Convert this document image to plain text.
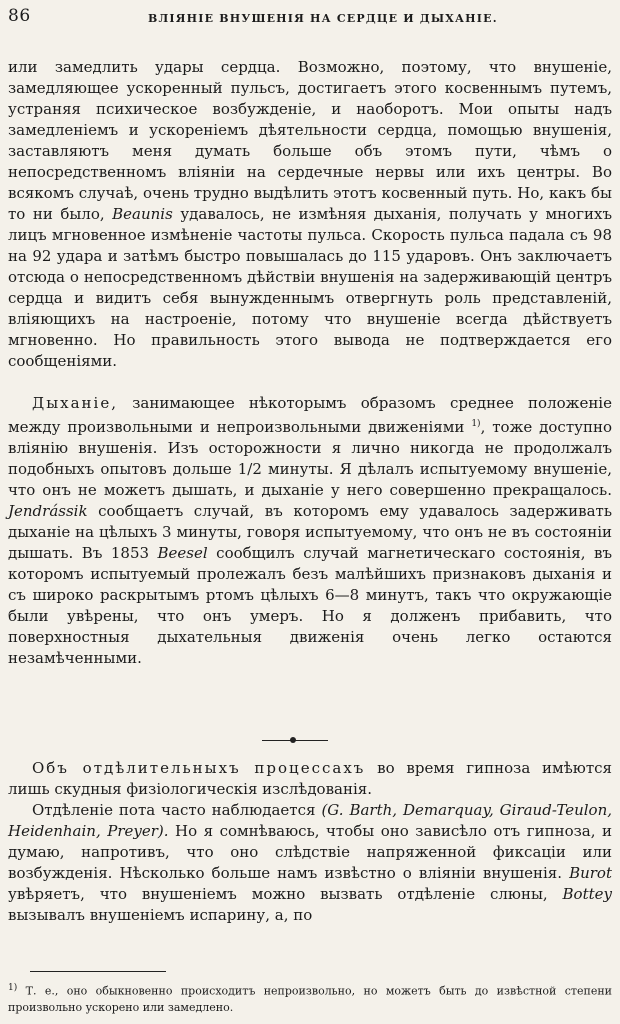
86	ВЛІЯНІЕ ВНУШЕНІЯ НА СЕРДЦЕ И ДЫХАНІЕ.

или замедлить удары сердца. Возможно, поэтому, что внушеніе, замедляющее ускоренный пульсъ, достигаетъ этого косвеннымъ путемъ, устраняя психическое возбужденіе, и наоборотъ. Мои опыты надъ замедленіемъ и ускореніемъ дѣятельности сердца, помощью внушенія, заставляютъ меня думать больше объ этомъ пути, чѣмъ о непосредственномъ вліяніи на сердечные нервы или ихъ центры. Во всякомъ случаѣ, очень трудно выдѣлить этотъ косвенный путь. Но, какъ бы то ни было, Beaunis удавалось, не измѣняя дыханія, получать у многихъ лицъ мгновенное измѣненіе частоты пульса. Скорость пульса падала съ 98 на 92 удара и затѣмъ быстро повышалась до 115 ударовъ. Онъ заключаетъ отсюда о непосредственномъ дѣйствіи внушенія на задерживающій центръ сердца и видитъ себя вынужденнымъ отвергнуть роль представленій, вліяющихъ на настроеніе, потому что внушеніе всегда дѣйствуетъ мгновенно. Но правильность этого вывода не подтверждается его сообщеніями.

Дыханіе, занимающее нѣкоторымъ образомъ среднее положеніе между произвольными и непроизвольными движеніями $^{1)}$, тоже доступно вліянію внушенія. Изъ осторожности я лично никогда не продолжалъ подобныхъ опытовъ дольше 1/2 минуты. Я дѣлалъ испытуемому внушеніе, что онъ не можетъ дышать, и дыханіе у него совершенно прекращалось. Jendrássik сообщаетъ случай, въ которомъ ему удавалось задерживать дыханіе на цѣлыхъ 3 минуты, говоря испытуемому, что онъ не въ состояніи дышать. Въ 1853 Beesel сообщилъ случай магнетическаго состоянія, въ которомъ испытуемый пролежалъ безъ малѣйшихъ признаковъ дыханія и съ широко раскрытымъ ртомъ цѣлыхъ 6—8 минутъ, такъ что окружающіе были увѣрены, что онъ умеръ. Но я долженъ прибавить, что поверхностныя дыхательныя движенія очень легко остаются незамѣченными.

Объ отдѣлительныхъ процессахъ во время гипноза имѣются лишь скудныя физіологическія изслѣдованія.

Отдѣленіе пота часто наблюдается (G. Barth, Demarquay, Giraud-Teulon, Heidenhain, Preyer). Но я сомнѣваюсь, чтобы оно зависѣло отъ гипноза, и думаю, напротивъ, что оно слѣдствіе напряженной фиксаціи или возбужденія. Нѣсколько больше намъ извѣстно о вліяніи внушенія. Burot увѣряетъ, что внушеніемъ можно вызвать отдѣленіе слюны, Bottey вызывалъ внушеніемъ испарину, а, по

$^{1)}$ Т. е., оно обыкновенно происходитъ непроизвольно, но можетъ быть до извѣстной степени произвольно ускорено или замедлено.
